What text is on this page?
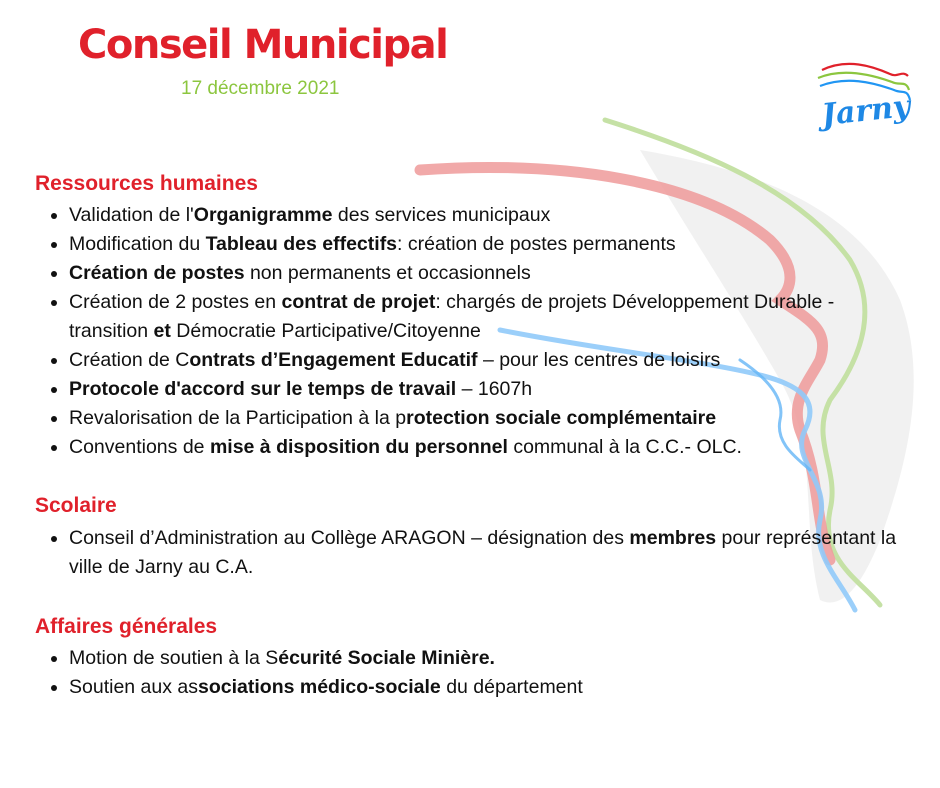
Jarny
Conseil Municipal
17 décembre 2021
Ressources humaines
• Validation de l'Organigramme des services municipaux
• Modification du Tableau des effectifs: création de postes permanents
• Création de postes non permanents et occasionnels
• Création de 2 postes en contrat de projet: chargés de projets Développement Durable - transition et Démocratie Participative/Citoyenne
• Création de Contrats d’Engagement Educatif – pour les centres de loisirs
• Protocole d'accord sur le temps de travail – 1607h
• Revalorisation de la Participation à la protection sociale complémentaire
• Conventions de mise à disposition du personnel communal à la C.C.- OLC.
Scolaire
• Conseil d’Administration au Collège ARAGON – désignation des membres pour représentant la ville de Jarny au C.A.
Affaires générales
• Motion de soutien à la Sécurité Sociale Minière.
• Soutien aux associations médico-sociale du département
